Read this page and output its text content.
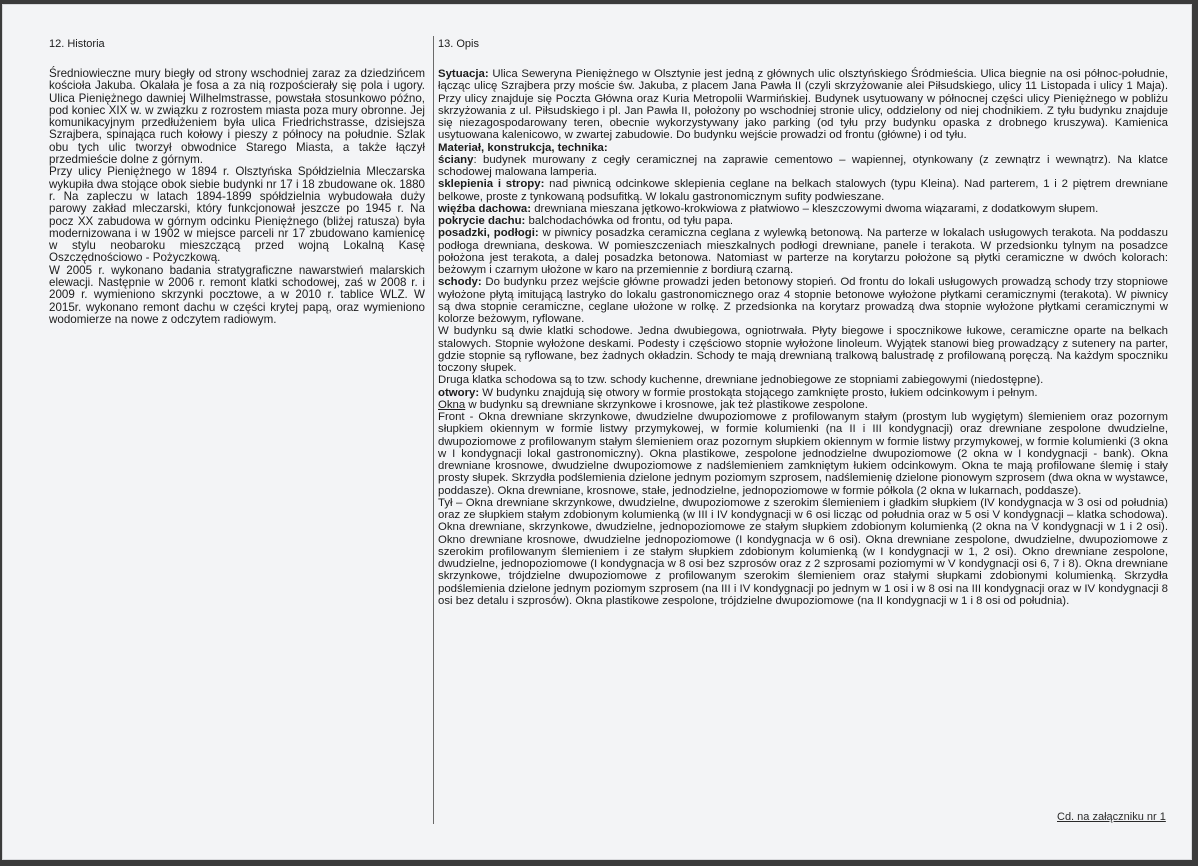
12. Historia

Średniowieczne mury biegły od strony wschodniej zaraz za dziedzińcem kościoła Jakuba. Okalała je fosa a za nią rozpościerały się pola i ugory. Ulica Pieniężnego dawniej Wilhelmstrasse, powstała stosunkowo późno, pod koniec XIX w. w związku z rozrostem miasta poza mury obronne. Jej komunikacyjnym przedłużeniem była ulica Friedrichstrasse, dzisiejsza Szrajbera, spinająca ruch kołowy i pieszy z północy na południe. Szlak obu tych ulic tworzył obwodnice Starego Miasta, a także łączył przedmieście dolne z górnym.

Przy ulicy Pieniężnego w 1894 r. Olsztyńska Spółdzielnia Mleczarska wykupiła dwa stojące obok siebie budynki nr 17 i 18 zbudowane ok. 1880 r. Na zapleczu w latach 1894-1899 spółdzielnia wybudowała duży parowy zakład mleczarski, który funkcjonował jeszcze po 1945 r. Na pocz XX zabudowa w górnym odcinku Pieniężnego (bliżej ratusza) była modernizowana i w 1902 w miejsce parceli nr 17 zbudowano kamienicę w stylu neobaroku mieszczącą przed wojną Lokalną Kasę Oszczędnościowo - Pożyczkową.

W 2005 r. wykonano badania stratygraficzne nawarstwień malarskich elewacji. Następnie w 2006 r. remont klatki schodowej, zaś w 2008 r. i 2009 r. wymieniono skrzynki pocztowe, a w 2010 r. tablice WLZ. W 2015r. wykonano remont dachu w części krytej papą, oraz wymieniono wodomierze na nowe z odczytem radiowym.

13. Opis

Sytuacja: Ulica Seweryna Pieniężnego w Olsztynie jest jedną z głównych ulic olsztyńskiego Śródmieścia. Ulica biegnie na osi północ-południe, łącząc ulicę Szrajbera przy moście św. Jakuba, z placem Jana Pawła II (czyli skrzyżowanie alei Piłsudskiego, ulicy 11 Listopada i ulicy 1 Maja). Przy ulicy znajduje się Poczta Główna oraz Kuria Metropolii Warmińskiej. Budynek usytuowany w północnej części ulicy Pieniężnego w pobliżu skrzyżowania z ul. Piłsudskiego i pl. Jan Pawła II, położony po wschodniej stronie ulicy, oddzielony od niej chodnikiem. Z tyłu budynku znajduje się niezagospodarowany teren, obecnie wykorzystywany jako parking (od tyłu przy budynku opaska z drobnego kruszywa). Kamienica usytuowana kalenicowo, w zwartej zabudowie. Do budynku wejście prowadzi od frontu (główne) i od tyłu.

Materiał, konstrukcja, technika:

ściany: budynek murowany z cegły ceramicznej na zaprawie cementowo – wapiennej, otynkowany (z zewnątrz i wewnątrz). Na klatce schodowej malowana lamperia.

sklepienia i stropy: nad piwnicą odcinkowe sklepienia ceglane na belkach stalowych (typu Kleina). Nad parterem, 1 i 2 piętrem drewniane belkowe, proste z tynkowaną podsufitką. W lokalu gastronomicznym sufity podwieszane.

więźba dachowa: drewniana mieszana jętkowo-krokwiowa z płatwiowo – kleszczowymi dwoma wiązarami, z dodatkowym słupem.

pokrycie dachu: balchodachówka od frontu, od tyłu papa.

posadzki, podłogi: w piwnicy posadzka ceramiczna ceglana z wylewką betonową. Na parterze w lokalach usługowych terakota. Na poddaszu podłoga drewniana, deskowa. W pomieszczeniach mieszkalnych podłogi drewniane, panele i terakota. W przedsionku tylnym na posadzce położona jest terakota, a dalej posadzka betonowa. Natomiast w parterze na korytarzu położone są płytki ceramiczne w dwóch kolorach: beżowym i czarnym ułożone w karo na przemiennie z bordiurą czarną.

schody: Do budynku przez wejście główne prowadzi jeden betonowy stopień. Od frontu do lokali usługowych prowadzą schody trzy stopniowe wyłożone płytą imitującą lastryko do lokalu gastronomicznego oraz 4 stopnie betonowe wyłożone płytkami ceramicznymi (terakota). W piwnicy są dwa stopnie ceramiczne, ceglane ułożone w rolkę. Z przedsionka na korytarz prowadzą dwa stopnie wyłożone płytkami ceramicznymi w kolorze beżowym, ryflowane.

W budynku są dwie klatki schodowe. Jedna dwubiegowa, ogniotrwała. Płyty biegowe i spocznikowe łukowe, ceramiczne oparte na belkach stalowych. Stopnie wyłożone deskami. Podesty i częściowo stopnie wyłożone linoleum. Wyjątek stanowi bieg prowadzący z sutenery na parter, gdzie stopnie są ryflowane, bez żadnych okładzin. Schody te mają drewnianą tralkową balustradę z profilowaną poręczą. Na każdym spoczniku toczony słupek.

Druga klatka schodowa są to tzw. schody kuchenne, drewniane jednobiegowe ze stopniami zabiegowymi (niedostępne).

otwory: W budynku znajdują się otwory w formie prostokąta stojącego zamknięte prosto, łukiem odcinkowym i pełnym.

Okna w budynku są drewniane skrzynkowe i krosnowe, jak też plastikowe zespolone.

Front - Okna drewniane skrzynkowe, dwudzielne dwupoziomowe z profilowanym stałym (prostym lub wygiętym) ślemieniem oraz pozornym słupkiem okiennym w formie listwy przymykowej, w formie kolumienki (na II i III kondygnacji) oraz drewniane zespolone dwudzielne, dwupoziomowe z profilowanym stałym ślemieniem oraz pozornym słupkiem okiennym w formie listwy przymykowej, w formie kolumienki (3 okna w I kondygnacji lokal gastronomiczny). Okna plastikowe, zespolone jednodzielne dwupoziomowe (2 okna w I kondygnacji - bank). Okna drewniane krosnowe, dwudzielne dwupoziomowe z nadślemieniem zamkniętym łukiem odcinkowym. Okna te mają profilowane ślemię i stały prosty słupek. Skrzydła podślemienia dzielone jednym poziomym szprosem, nadślemienię dzielone pionowym szprosem (dwa okna w wystawce, poddasze). Okna drewniane, krosnowe, stałe, jednodzielne, jednopoziomowe w formie półkola (2 okna w lukarnach, poddasze).

Tył – Okna drewniane skrzynkowe, dwudzielne, dwupoziomowe z szerokim ślemieniem i gładkim słupkiem (IV kondygnacja w 3 osi od południa) oraz ze słupkiem stałym zdobionym kolumienką (w III i IV kondygnacji w 6 osi licząc od południa oraz w 5 osi V kondygnacji – klatka schodowa). Okna drewniane, skrzynkowe, dwudzielne, jednopoziomowe ze stałym słupkiem zdobionym kolumienką (2 okna na V kondygnacji w 1 i 2 osi). Okno drewniane krosnowe, dwudzielne jednopoziomowe (I kondygnacja w 6 osi). Okna drewniane zespolone, dwudzielne, dwupoziomowe z szerokim profilowanym ślemieniem i ze stałym słupkiem zdobionym kolumienką (w I kondygnacji w 1, 2 osi). Okno drewniane zespolone, dwudzielne, jednopoziomowe (I kondygnacja w 8 osi bez szprosów oraz z 2 szprosami poziomymi w V kondygnacji osi 6, 7 i 8). Okna drewniane skrzynkowe, trójdzielne dwupoziomowe z profilowanym szerokim ślemieniem oraz stałymi słupkami zdobionymi kolumienką. Skrzydła podślemienia dzielone jednym poziomym szprosem (na III i IV kondygnacji po jednym w 1 osi i w 8 osi na III kondygnacji oraz w IV kondygnacji 8 osi bez detalu i szprosów). Okna plastikowe zespolone, trójdzielne dwupoziomowe (na II kondygnacji w 1 i 8 osi od południa).

Cd. na załączniku nr 1
